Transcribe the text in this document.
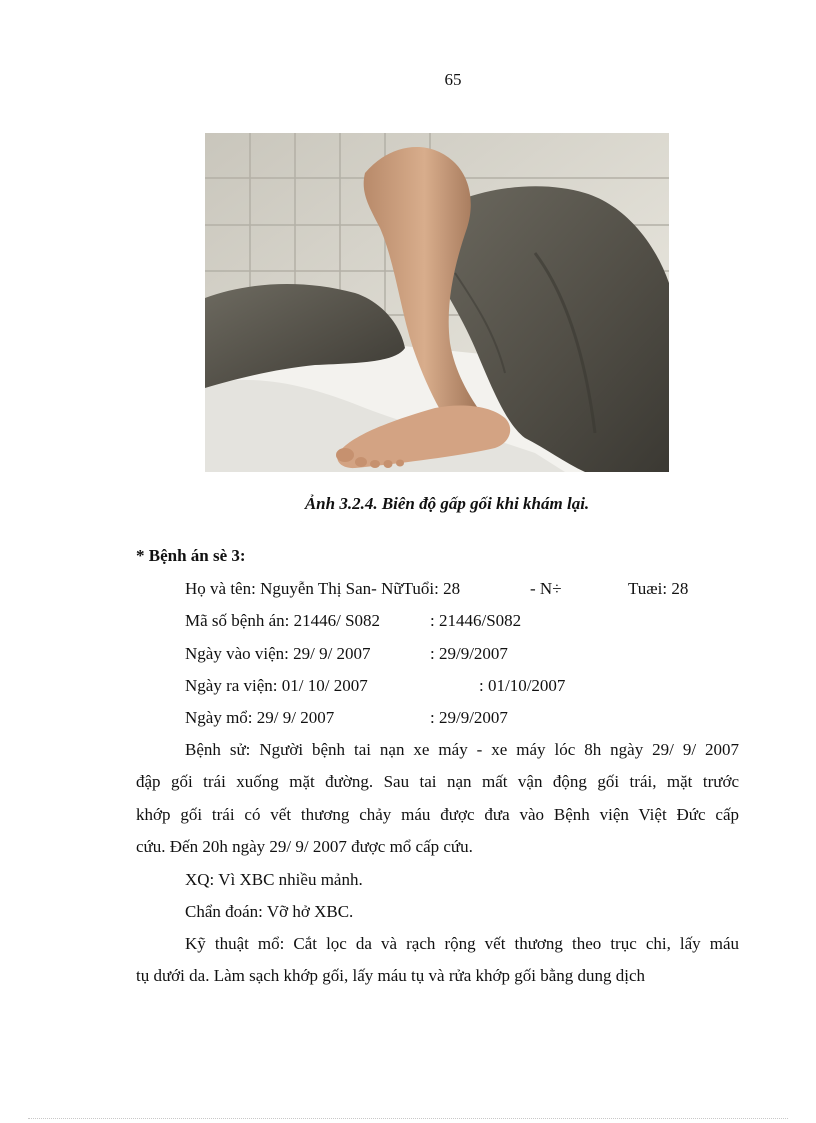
65
Ảnh 3.2.4. Biên độ gấp gối khi khám lại.
* Bệnh án sè 3:
Họ và tên: Nguyễn Thị San- NữTuổi: 28	- N÷	Tuæi: 28
Mã số bệnh án: 21446/ S082	: 21446/S082
Ngày vào viện: 29/ 9/ 2007	: 29/9/2007
Ngày ra viện: 01/ 10/ 2007	: 01/10/2007
Ngày mổ: 29/ 9/ 2007	: 29/9/2007
Bệnh sử: Người bệnh tai nạn xe máy - xe máy lóc 8h ngày 29/ 9/ 2007
đập gối trái xuống mặt đường. Sau tai nạn mất vận động gối trái, mặt trước
khớp gối trái có vết thương chảy máu được đưa vào Bệnh viện Việt Đức cấp
cứu. Đến 20h ngày 29/ 9/ 2007 được mổ cấp cứu.
XQ: Vì XBC nhiều mảnh.
Chẩn đoán: Vỡ hở XBC.
Kỹ thuật mổ: Cắt lọc da và rạch rộng vết thương theo trục chi, lấy máu
tụ dưới da. Làm sạch khớp gối, lấy máu tụ và rửa khớp gối bằng dung dịch
